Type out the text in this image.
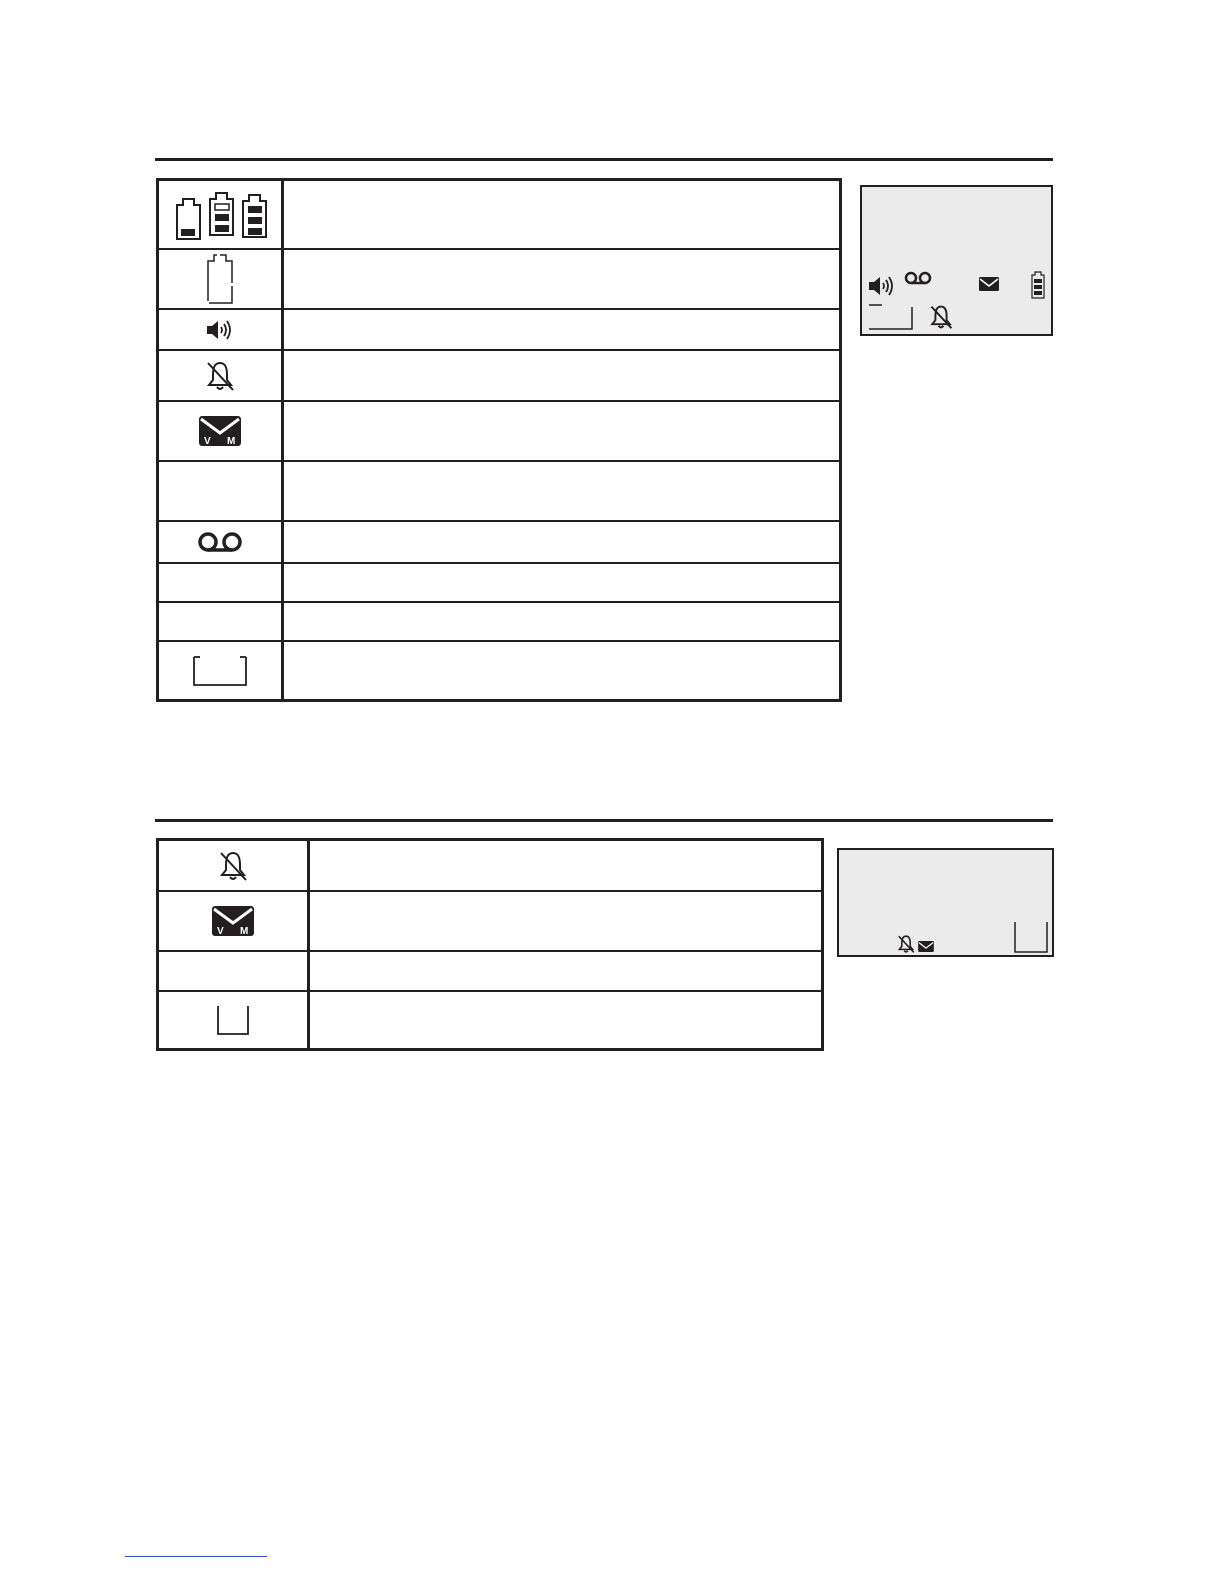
V M
V M
